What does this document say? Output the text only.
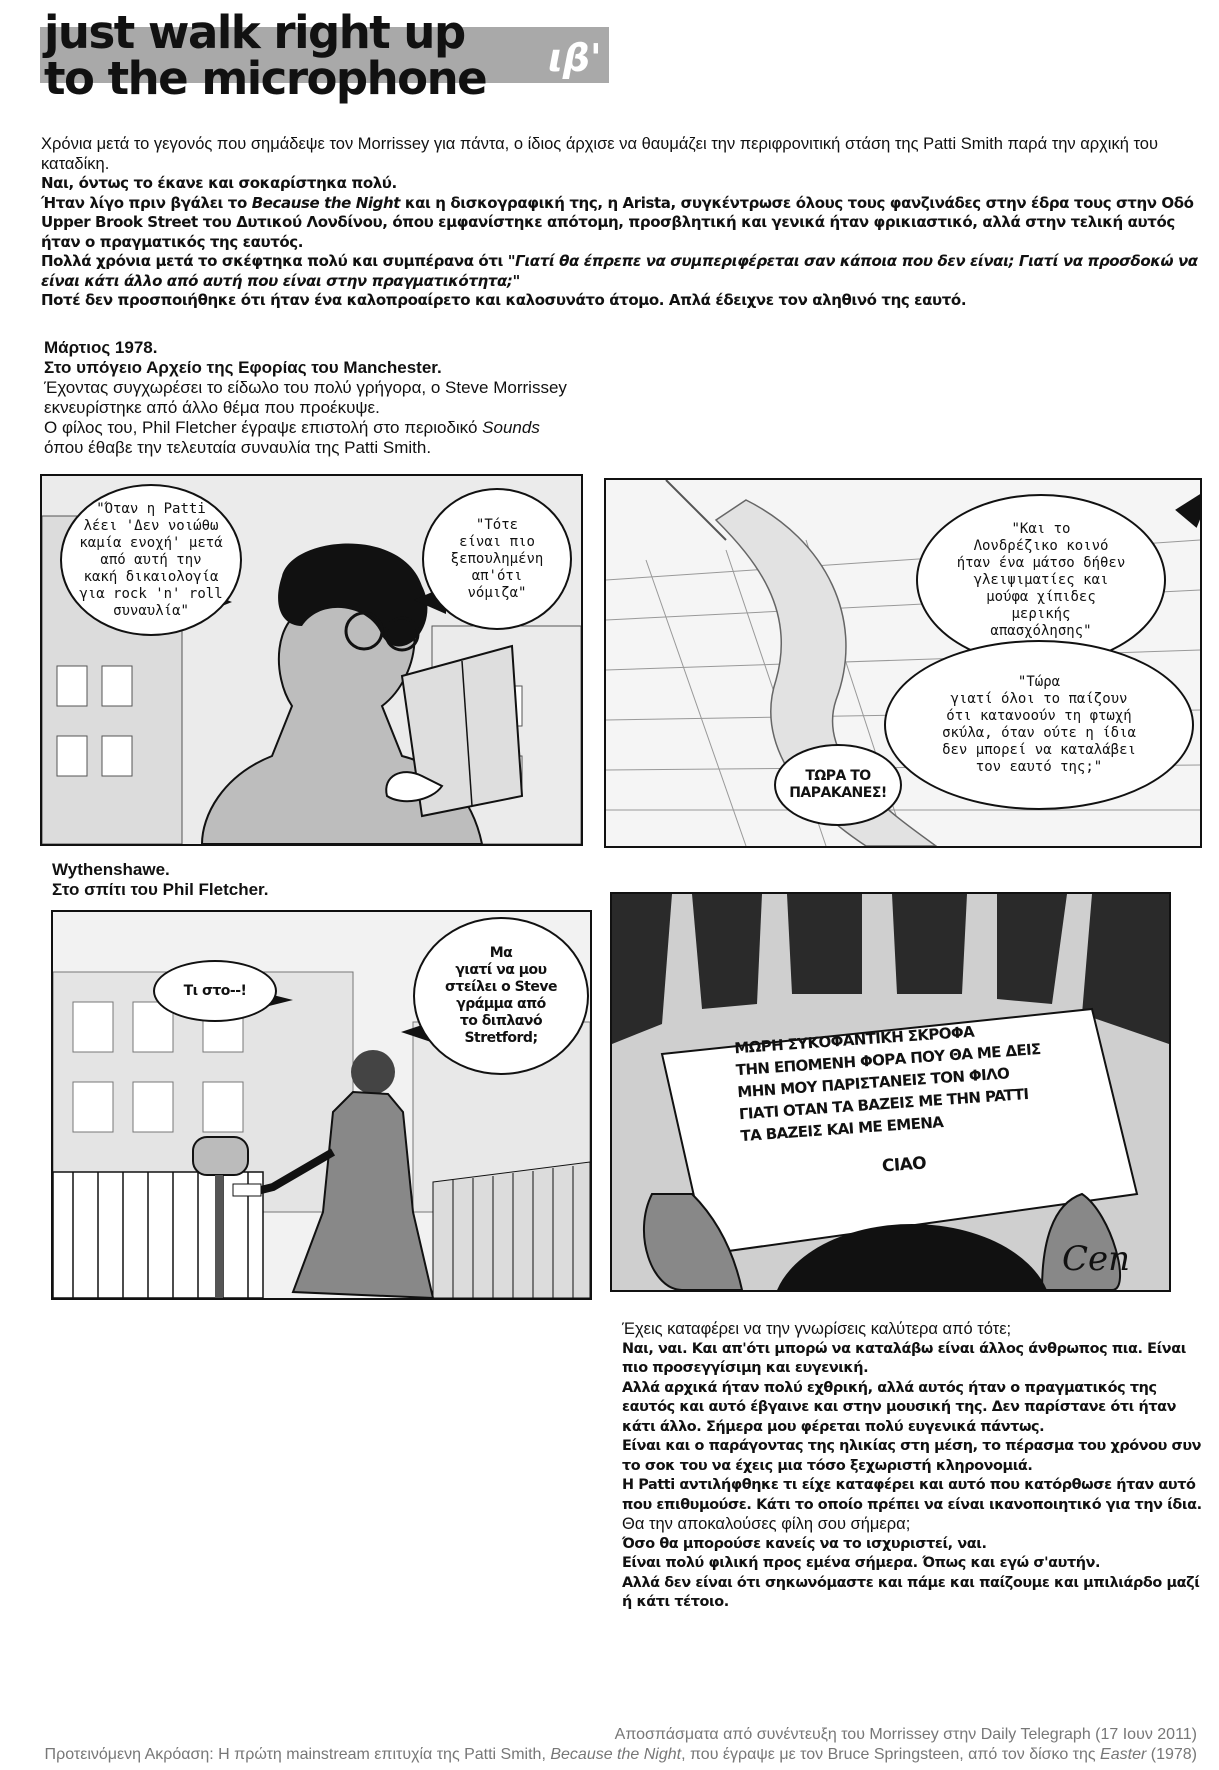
just walk right up
to the microphone ιβ'

Χρόνια μετά το γεγονός που σημάδεψε τον Morrissey για πάντα, ο ίδιος άρχισε να θαυμάζει την περιφρονιτική στάση της Patti Smith παρά την αρχική του καταδίκη.

Ναι, όντως το έκανε και σοκαρίστηκα πολύ.

Ήταν λίγο πριν βγάλει το Because the Night και η δισκογραφική της, η Arista, συγκέντρωσε όλους τους φανζινάδες στην έδρα τους στην Οδό Upper Brook Street του Δυτικού Λονδίνου, όπου εμφανίστηκε απότομη, προσβλητική και γενικά ήταν φρικιαστικό, αλλά στην τελική αυτός ήταν ο πραγματικός της εαυτός.

Πολλά χρόνια μετά το σκέφτηκα πολύ και συμπέρανα ότι "Γιατί θα έπρεπε να συμπεριφέρεται σαν κάποια που δεν είναι; Γιατί να προσδοκώ να είναι κάτι άλλο από αυτή που είναι στην πραγματικότητα;"

Ποτέ δεν προσποιήθηκε ότι ήταν ένα καλοπροαίρετο και καλοσυνάτο άτομο. Απλά έδειχνε τον αληθινό της εαυτό.

Μάρτιος 1978.

Στο υπόγειο Αρχείο της Εφορίας του Manchester.

Έχοντας συγχωρέσει το είδωλο του πολύ γρήγορα, ο Steve Morrissey εκνευρίστηκε από άλλο θέμα που προέκυψε.

Ο φίλος του, Phil Fletcher έγραψε επιστολή στο περιοδικό Sounds όπου έθαβε την τελευταία συναυλία της Patti Smith.

"Όταν η Patti
λέει 'Δεν νοιώθω
καμία ενοχή' μετά
από αυτή την
κακή δικαιολογία
για rock 'n' roll
συναυλία"
"Τότε
είναι πιο
ξεπουλημένη
απ'ότι
νόμιζα"
"Και το
Λονδρέζικο κοινό
ήταν ένα μάτσο δήθεν
γλειψιματίες και
μούφα χίπιδες
μερικής
απασχόλησης"
"Τώρα
γιατί όλοι το παίζουν
ότι κατανοούν τη φτωχή
σκύλα, όταν ούτε η ίδια
δεν μπορεί να καταλάβει
τον εαυτό της;"
ΤΩΡΑ ΤΟ
ΠΑΡΑΚΑΝΕΣ!

Wythenshawe.

Στο σπίτι του Phil Fletcher.

Τι στο--!
Μα
γιατί να μου
στείλει ο Steve
γράμμα από
το διπλανό
Stretford;	ΜΩΡΗ ΣΥΚΟΦΑΝΤΙΚΗ ΣΚΡΟΦΑ
ΤΗΝ ΕΠΟΜΕΝΗ ΦΟΡΑ ΠΟΥ ΘΑ ΜΕ ΔΕΙΣ
ΜΗΝ ΜΟΥ ΠΑΡΙΣΤΑΝΕΙΣ ΤΟΝ ΦΙΛΟ
ΓΙΑΤΙ ΟΤΑΝ ΤΑ ΒΑΖΕΙΣ ΜΕ ΤΗΝ PATTI
ΤΑ ΒΑΖΕΙΣ ΚΑΙ ΜΕ ΕΜΕΝΑ
CIAO
Cen

Έχεις καταφέρει να την γνωρίσεις καλύτερα από τότε;

Ναι, ναι. Και απ'ότι μπορώ να καταλάβω είναι άλλος άνθρωπος πια. Είναι πιο προσεγγίσιμη και ευγενική.

Αλλά αρχικά ήταν πολύ εχθρική, αλλά αυτός ήταν ο πραγματικός της εαυτός και αυτό έβγαινε και στην μουσική της. Δεν παρίστανε ότι ήταν κάτι άλλο. Σήμερα μου φέρεται πολύ ευγενικά πάντως.

Είναι και ο παράγοντας της ηλικίας στη μέση, το πέρασμα του χρόνου συν το σοκ του να έχεις μια τόσο ξεχωριστή κληρονομιά.

Η Patti αντιλήφθηκε τι είχε καταφέρει και αυτό που κατόρθωσε ήταν αυτό που επιθυμούσε. Κάτι το οποίο πρέπει να είναι ικανοποιητικό για την ίδια.

Θα την αποκαλούσες φίλη σου σήμερα;

Όσο θα μπορούσε κανείς να το ισχυριστεί, ναι.

Είναι πολύ φιλική προς εμένα σήμερα. Όπως και εγώ σ'αυτήν.

Αλλά δεν είναι ότι σηκωνόμαστε και πάμε και παίζουμε και μπιλιάρδο μαζί ή κάτι τέτοιο.

Αποσπάσματα από συνέντευξη του Morrissey στην Daily Telegraph (17 Ιουν 2011)

Προτεινόμενη Ακρόαση: Η πρώτη mainstream επιτυχία της Patti Smith, Because the Night, που έγραψε με τον Bruce Springsteen, από τον δίσκο της Easter (1978)
